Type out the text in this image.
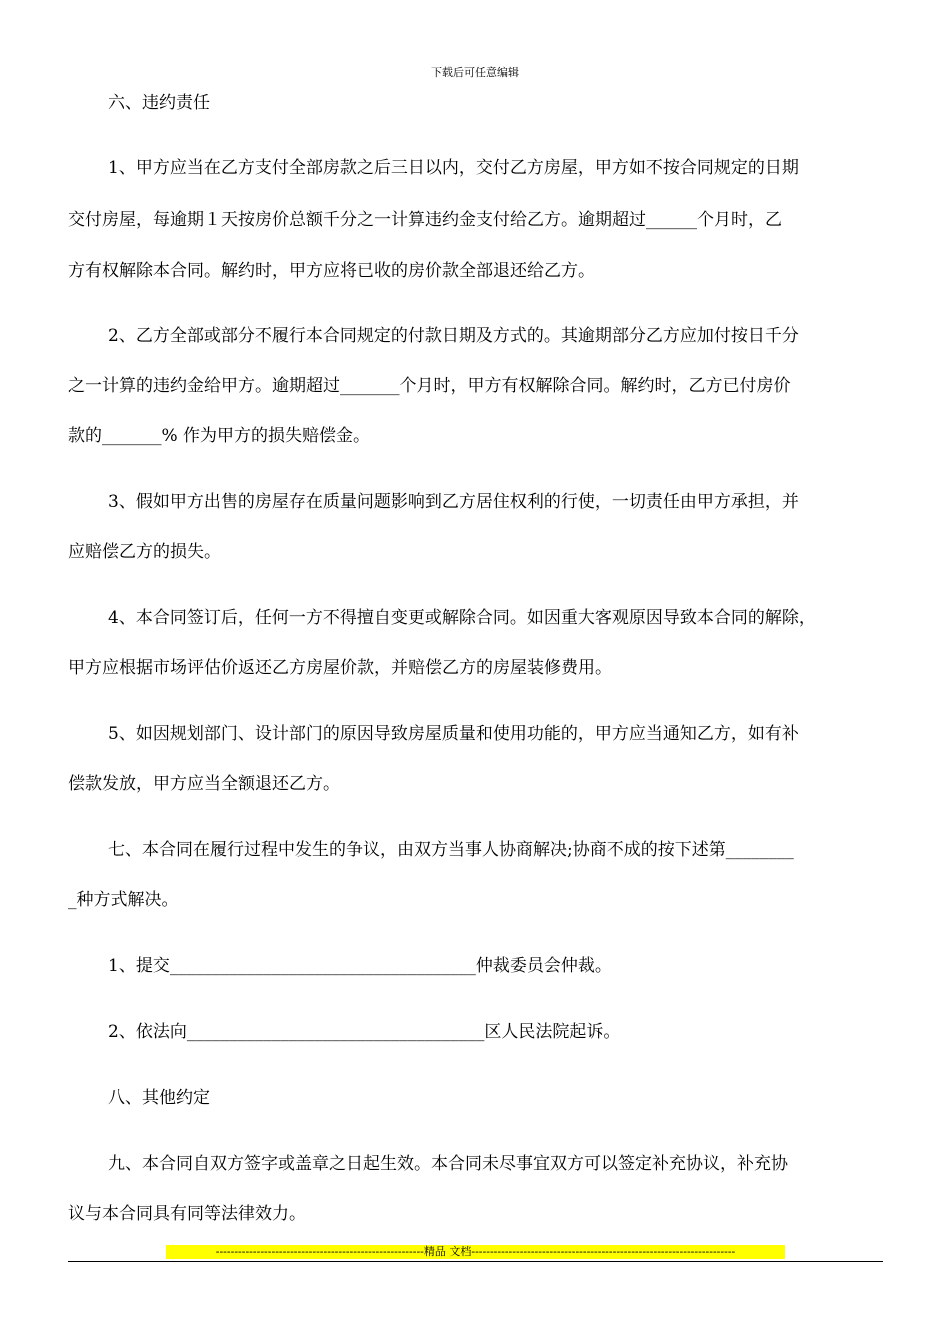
下载后可任意编辑
六、违约责任
1、甲方应当在乙方支付全部房款之后三日以内，交付乙方房屋，甲方如不按合同规定的日期
交付房屋，每逾期１天按房价总额千分之一计算违约金支付给乙方。逾期超过______个月时，乙
方有权解除本合同。解约时，甲方应将已收的房价款全部退还给乙方。
2、乙方全部或部分不履行本合同规定的付款日期及方式的。其逾期部分乙方应加付按日千分
之一计算的违约金给甲方。逾期超过_______个月时，甲方有权解除合同。解约时，乙方已付房价
款的_______% 作为甲方的损失赔偿金。
3、假如甲方出售的房屋存在质量问题影响到乙方居住权利的行使，一切责任由甲方承担，并
应赔偿乙方的损失。
4、本合同签订后，任何一方不得擅自变更或解除合同。如因重大客观原因导致本合同的解除，
甲方应根据市场评估价返还乙方房屋价款，并赔偿乙方的房屋装修费用。
5、如因规划部门、设计部门的原因导致房屋质量和使用功能的，甲方应当通知乙方，如有补
偿款发放，甲方应当全额退还乙方。
七、本合同在履行过程中发生的争议，由双方当事人协商解决;协商不成的按下述第________
_种方式解决。
1、提交____________________________________仲裁委员会仲裁。
2、依法向___________________________________区人民法院起诉。
八、其他约定
九、本合同自双方签字或盖章之日起生效。本合同未尽事宜双方可以签定补充协议，补充协
议与本合同具有同等法律效力。
--------------------------------------------------------精品 文档-----------------------------------------------------------------------
